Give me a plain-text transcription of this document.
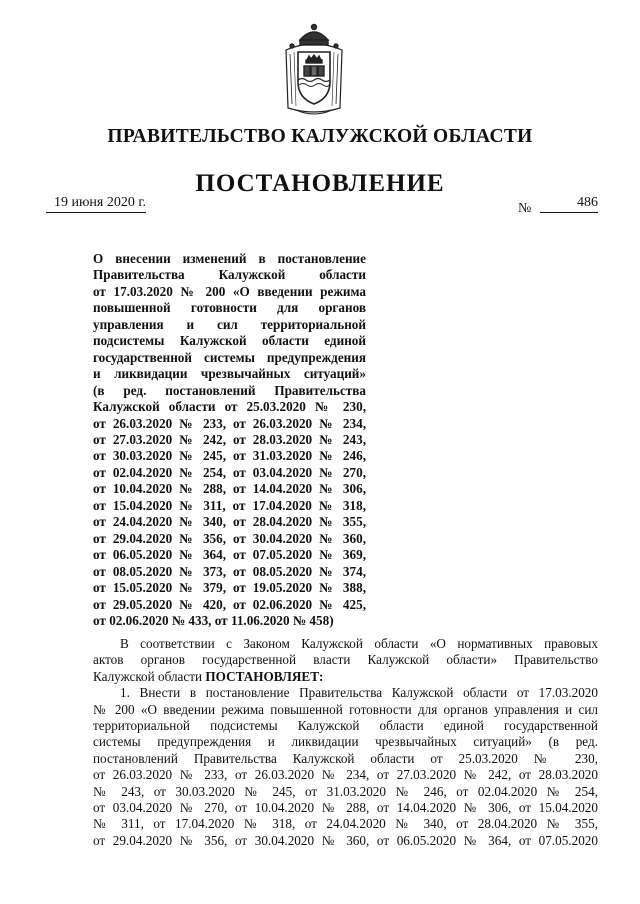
ПРАВИТЕЛЬСТВО КАЛУЖСКОЙ ОБЛАСТИ
ПОСТАНОВЛЕНИЕ
19 июня 2020 г.	№	486
О внесении изменений в постановление
Правительства Калужской области
от 17.03.2020 № 200 «О введении режима
повышенной готовности для органов
управления и сил территориальной
подсистемы Калужской области единой
государственной системы предупреждения
и ликвидации чрезвычайных ситуаций»
(в ред. постановлений Правительства
Калужской области от 25.03.2020 № 230,
от 26.03.2020 № 233, от 26.03.2020 № 234,
от 27.03.2020 № 242, от 28.03.2020 № 243,
от 30.03.2020 № 245, от 31.03.2020 № 246,
от 02.04.2020 № 254, от 03.04.2020 № 270,
от 10.04.2020 № 288, от 14.04.2020 № 306,
от 15.04.2020 № 311, от 17.04.2020 № 318,
от 24.04.2020 № 340, от 28.04.2020 № 355,
от 29.04.2020 № 356, от 30.04.2020 № 360,
от 06.05.2020 № 364, от 07.05.2020 № 369,
от 08.05.2020 № 373, от 08.05.2020 № 374,
от 15.05.2020 № 379, от 19.05.2020 № 388,
от 29.05.2020 № 420, от 02.06.2020 № 425,
от 02.06.2020 № 433, от 11.06.2020 № 458)
В соответствии с Законом Калужской области «О нормативных правовых
актов органов государственной власти Калужской области» Правительство
Калужской области ПОСТАНОВЛЯЕТ:
1. Внести в постановление Правительства Калужской области от 17.03.2020
№ 200 «О введении режима повышенной готовности для органов управления и сил
территориальной подсистемы Калужской области единой государственной
системы предупреждения и ликвидации чрезвычайных ситуаций» (в ред.
постановлений Правительства Калужской области от 25.03.2020 № 230,
от 26.03.2020 № 233, от 26.03.2020 № 234, от 27.03.2020 № 242, от 28.03.2020
№ 243, от 30.03.2020 № 245, от 31.03.2020 № 246, от 02.04.2020 № 254,
от 03.04.2020 № 270, от 10.04.2020 № 288, от 14.04.2020 № 306, от 15.04.2020
№ 311, от 17.04.2020 № 318, от 24.04.2020 № 340, от 28.04.2020 № 355,
от 29.04.2020 № 356, от 30.04.2020 № 360, от 06.05.2020 № 364, от 07.05.2020
